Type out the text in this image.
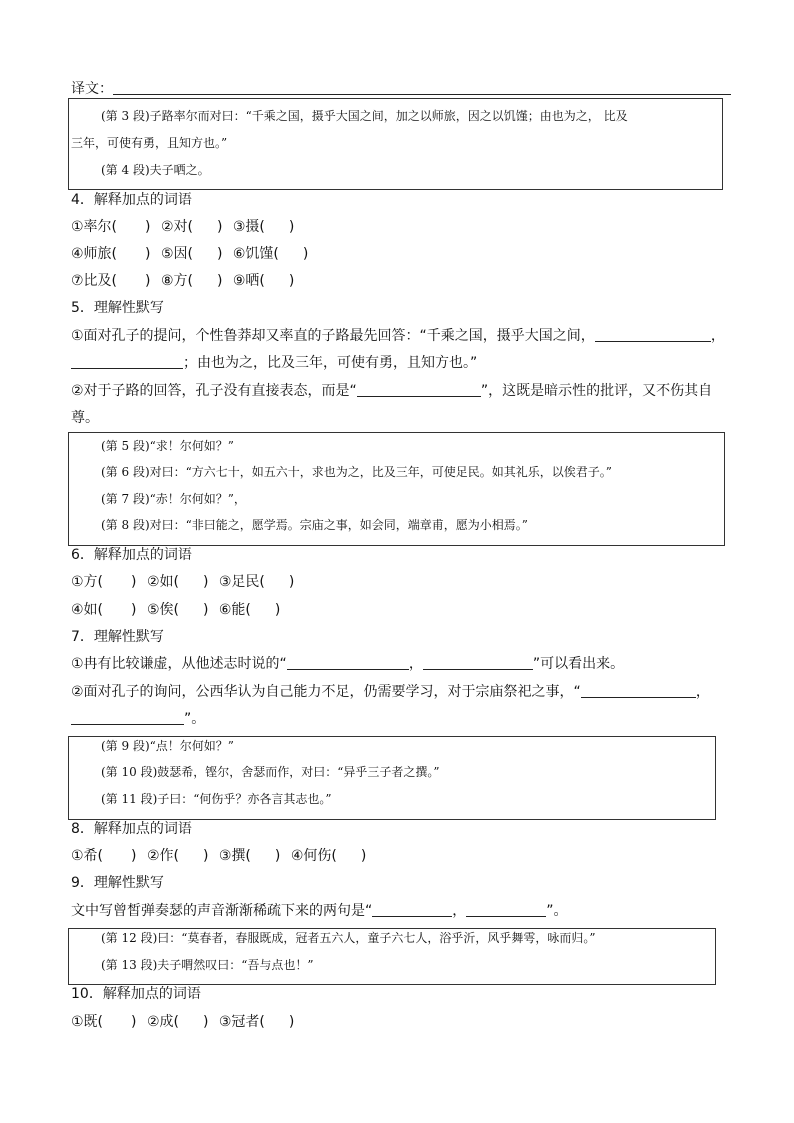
译文：
(第 3 段)子路率尔而对曰：“千乘之国，摄乎大国之间，加之以师旅，因之以饥馑；由也为之， 比及
三年，可使有勇，且知方也。”
(第 4 段)夫子哂之。
4．解释加点的词语
①率尔( ) ②对( ) ③摄( )
④师旅( ) ⑤因( ) ⑥饥馑( )
⑦比及( ) ⑧方( ) ⑨哂( )
5．理解性默写
①面对孔子的提问，个性鲁莽却又率直的子路最先回答：“千乘之国，摄乎大国之间，	，
；由也为之，比及三年，可使有勇，且知方也。”
②对于子路的回答，孔子没有直接表态，而是“	”，这既是暗示性的批评，又不伤其自
尊。
(第 5 段)“求！尔何如？”
(第 6 段)对曰：“方六七十，如五六十，求也为之，比及三年，可使足民。如其礼乐，以俟君子。”
(第 7 段)“赤！尔何如？”，
(第 8 段)对曰：“非曰能之，愿学焉。宗庙之事，如会同，端章甫，愿为小相焉。”
6．解释加点的词语
①方( ) ②如( ) ③足民( )
④如( ) ⑤俟( ) ⑥能( )
7．理解性默写
①冉有比较谦虚，从他述志时说的“	，	”可以看出来。
②面对孔子的询问，公西华认为自己能力不足，仍需要学习，对于宗庙祭祀之事，“	，
”。
(第 9 段)“点！尔何如？”
(第 10 段)鼓瑟希，铿尔，舍瑟而作，对曰：“异乎三子者之撰。”
(第 11 段)子曰：“何伤乎？亦各言其志也。”
8．解释加点的词语
①希( ) ②作( ) ③撰( ) ④何伤( )
9．理解性默写
文中写曾皙弹奏瑟的声音渐渐稀疏下来的两句是“	，	”。
(第 12 段)曰：“莫春者，春服既成，冠者五六人，童子六七人，浴乎沂，风乎舞雩，咏而归。”
(第 13 段)夫子喟然叹曰：“吾与点也！”
10．解释加点的词语
①既( ) ②成( ) ③冠者( )
